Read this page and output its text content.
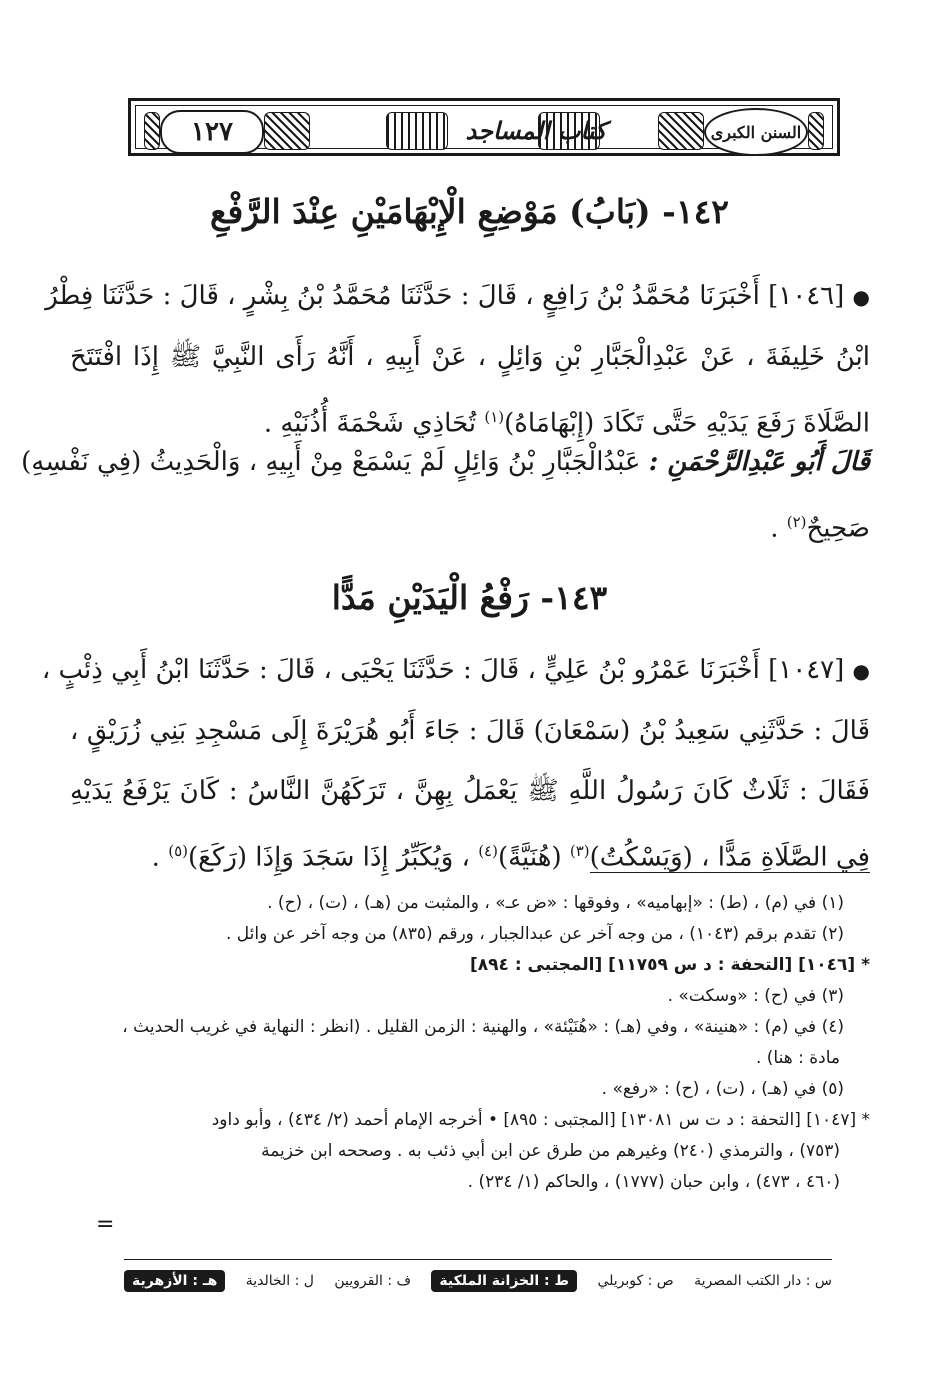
١٢٧	كتاب المساجد	السنن الكبرى
١٤٢- (بَابُ) مَوْضِعِ الْإِبْهَامَيْنِ عِنْدَ الرَّفْعِ
● [١٠٤٦] أَخْبَرَنَا مُحَمَّدُ بْنُ رَافِعٍ ، قَالَ : حَدَّثَنَا مُحَمَّدُ بْنُ بِشْرٍ ، قَالَ : حَدَّثَنَا فِطْرُ
ابْنُ خَلِيفَةَ ، عَنْ عَبْدِالْجَبَّارِ بْنِ وَائِلٍ ، عَنْ أَبِيهِ ، أَنَّهُ رَأَى النَّبِيَّ ﷺ إِذَا افْتَتَحَ
الصَّلَاةَ رَفَعَ يَدَيْهِ حَتَّى تَكَادَ (إِبْهَامَاهُ)$^{(١)}$ تُحَاذِي شَحْمَةَ أُذُنَيْهِ .
قَالَ أَبُو عَبْدِالرَّحْمَنِ : عَبْدُالْجَبَّارِ بْنُ وَائِلٍ لَمْ يَسْمَعْ مِنْ أَبِيهِ ، وَالْحَدِيثُ (فِي نَفْسِهِ)
صَحِيحٌ$^{(٢)}$ .
١٤٣- رَفْعُ الْيَدَيْنِ مَدًّا
● [١٠٤٧] أَخْبَرَنَا عَمْرُو بْنُ عَلِيٍّ ، قَالَ : حَدَّثَنَا يَحْيَى ، قَالَ : حَدَّثَنَا ابْنُ أَبِي ذِئْبٍ ،
قَالَ : حَدَّثَنِي سَعِيدُ بْنُ (سَمْعَانَ) قَالَ : جَاءَ أَبُو هُرَيْرَةَ إِلَى مَسْجِدِ بَنِي زُرَيْقٍ ،
فَقَالَ : ثَلَاثٌ كَانَ رَسُولُ اللَّهِ ﷺ يَعْمَلُ بِهِنَّ ، تَرَكَهُنَّ النَّاسُ : كَانَ يَرْفَعُ يَدَيْهِ
فِي الصَّلَاةِ مَدًّا ، (وَيَسْكُتُ)$^{(٣)}$ (هُنَيَّةً)$^{(٤)}$ ، وَيُكَبِّرُ إِذَا سَجَدَ وَإِذَا (رَكَعَ)$^{(٥)}$ .
(١) في (م) ، (ط) : «إبهاميه» ، وفوقها : «ض عـ» ، والمثبت من (هـ) ، (ت) ، (ح) .
(٢) تقدم برقم (١٠٤٣) ، من وجه آخر عن عبدالجبار ، ورقم (٨٣٥) من وجه آخر عن وائل .
* [١٠٤٦] [التحفة : د س ١١٧٥٩] [المجتبى : ٨٩٤]
(٣) في (ح) : «وسكت» .
(٤) في (م) : «هنينة» ، وفي (هـ) : «هُنَيْئة» ، والهنية : الزمن القليل . (انظر : النهاية في غريب الحديث ،
مادة : هنا) .
(٥) في (هـ) ، (ت) ، (ح) : «رفع» .
* [١٠٤٧] [التحفة : د ت س ١٣٠٨١] [المجتبى : ٨٩٥] • أخرجه الإمام أحمد (٢/ ٤٣٤) ، وأبو داود
(٧٥٣) ، والترمذي (٢٤٠) وغيرهم من طرق عن ابن أبي ذئب به . وصححه ابن خزيمة
(٤٦٠ ، ٤٧٣) ، وابن حبان (١٧٧٧) ، والحاكم (١/ ٢٣٤) .
=
س : دار الكتب المصرية
ص : كوبريلي
ط : الخزانة الملكية
ف : القرويين
ل : الخالدية
هـ : الأزهرية
